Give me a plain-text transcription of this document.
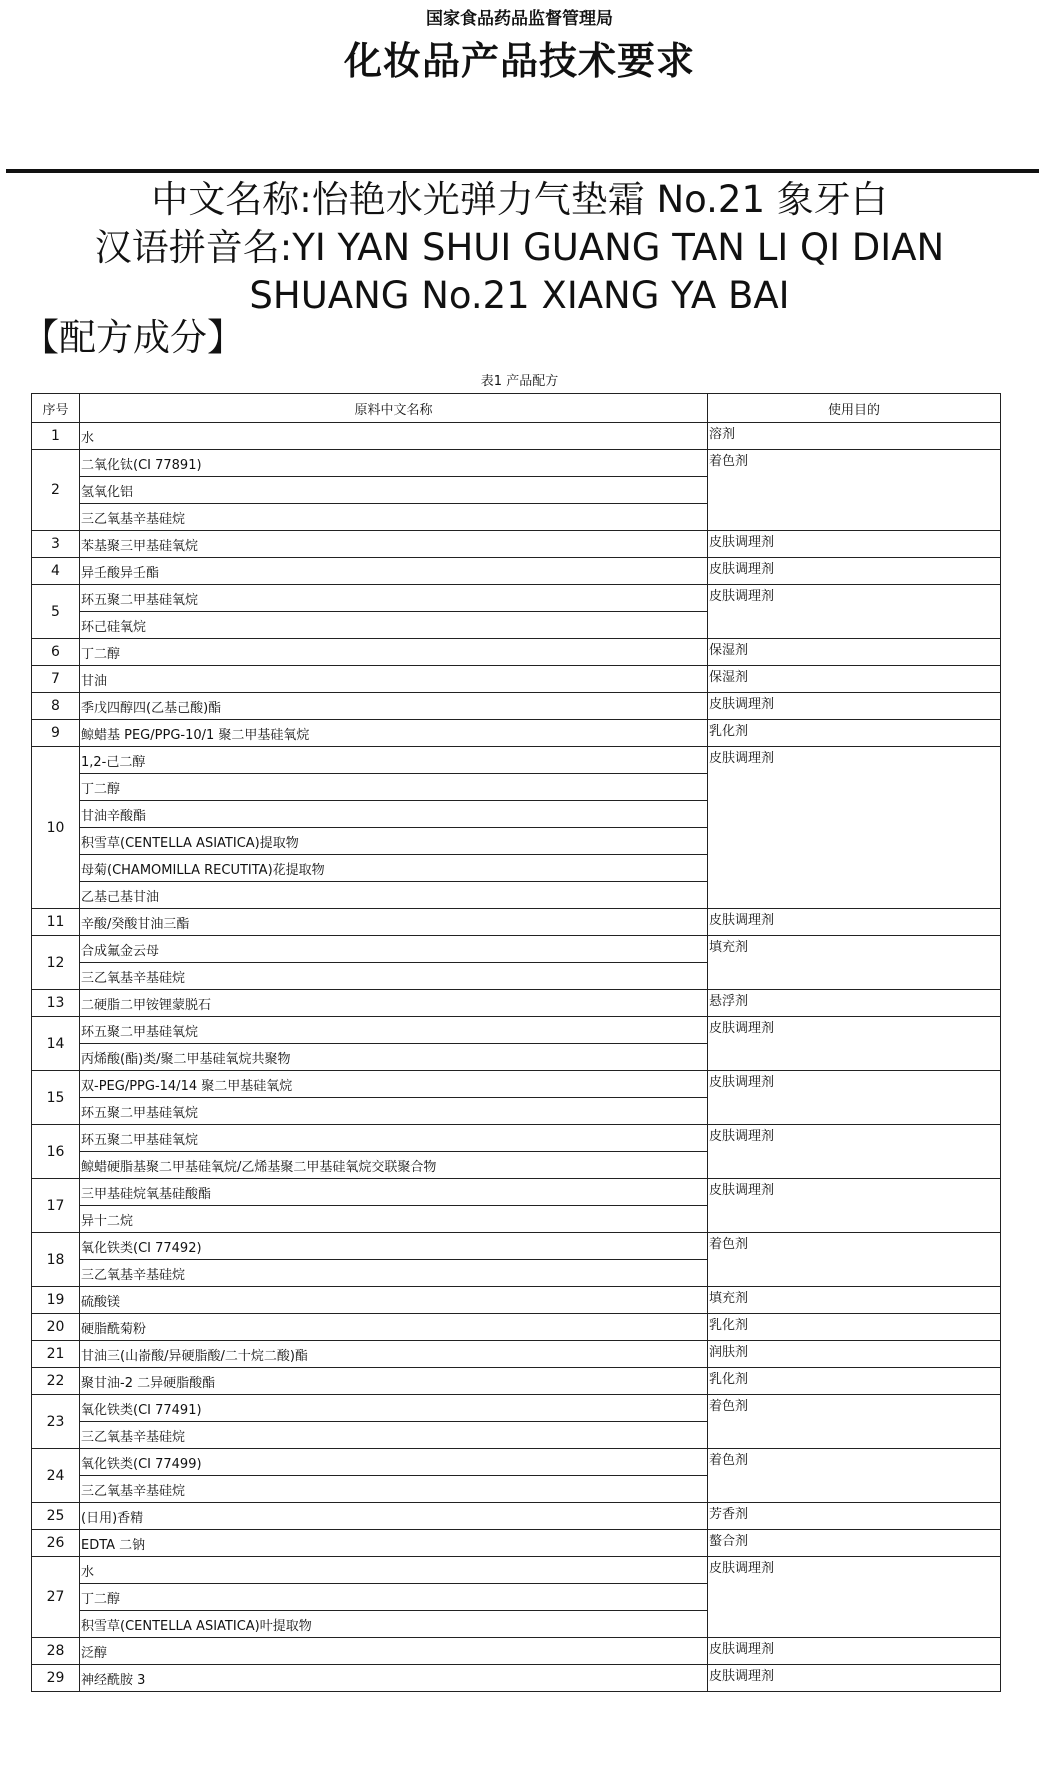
国家食品药品监督管理局
化妆品产品技术要求
中文名称:怡艳水光弹力气垫霜 No.21 象牙白
汉语拼音名:YI YAN SHUI GUANG TAN LI QI DIAN
SHUANG No.21 XIANG YA BAI
【配方成分】
表1 产品配方
序号	原料中文名称	使用目的
1	水	溶剂
2	二氧化钛(CI 77891)	着色剂
	氢氧化铝	
	三乙氧基辛基硅烷	
3	苯基聚三甲基硅氧烷	皮肤调理剂
4	异壬酸异壬酯	皮肤调理剂
5	环五聚二甲基硅氧烷	皮肤调理剂
	环己硅氧烷	
6	丁二醇	保湿剂
7	甘油	保湿剂
8	季戊四醇四(乙基己酸)酯	皮肤调理剂
9	鲸蜡基 PEG/PPG-10/1 聚二甲基硅氧烷	乳化剂
10	1,2-己二醇	皮肤调理剂
	丁二醇	
	甘油辛酸酯	
	积雪草(CENTELLA ASIATICA)提取物	
	母菊(CHAMOMILLA RECUTITA)花提取物	
	乙基己基甘油	
11	辛酸/癸酸甘油三酯	皮肤调理剂
12	合成氟金云母	填充剂
	三乙氧基辛基硅烷	
13	二硬脂二甲铵锂蒙脱石	悬浮剂
14	环五聚二甲基硅氧烷	皮肤调理剂
	丙烯酸(酯)类/聚二甲基硅氧烷共聚物	
15	双-PEG/PPG-14/14 聚二甲基硅氧烷	皮肤调理剂
	环五聚二甲基硅氧烷	
16	环五聚二甲基硅氧烷	皮肤调理剂
	鲸蜡硬脂基聚二甲基硅氧烷/乙烯基聚二甲基硅氧烷交联聚合物	
17	三甲基硅烷氧基硅酸酯	皮肤调理剂
	异十二烷	
18	氧化铁类(CI 77492)	着色剂
	三乙氧基辛基硅烷	
19	硫酸镁	填充剂
20	硬脂酰菊粉	乳化剂
21	甘油三(山嵛酸/异硬脂酸/二十烷二酸)酯	润肤剂
22	聚甘油-2 二异硬脂酸酯	乳化剂
23	氧化铁类(CI 77491)	着色剂
	三乙氧基辛基硅烷	
24	氧化铁类(CI 77499)	着色剂
	三乙氧基辛基硅烷	
25	(日用)香精	芳香剂
26	EDTA 二钠	螯合剂
27	水	皮肤调理剂
	丁二醇	
	积雪草(CENTELLA ASIATICA)叶提取物	
28	泛醇	皮肤调理剂
29	神经酰胺 3	皮肤调理剂
